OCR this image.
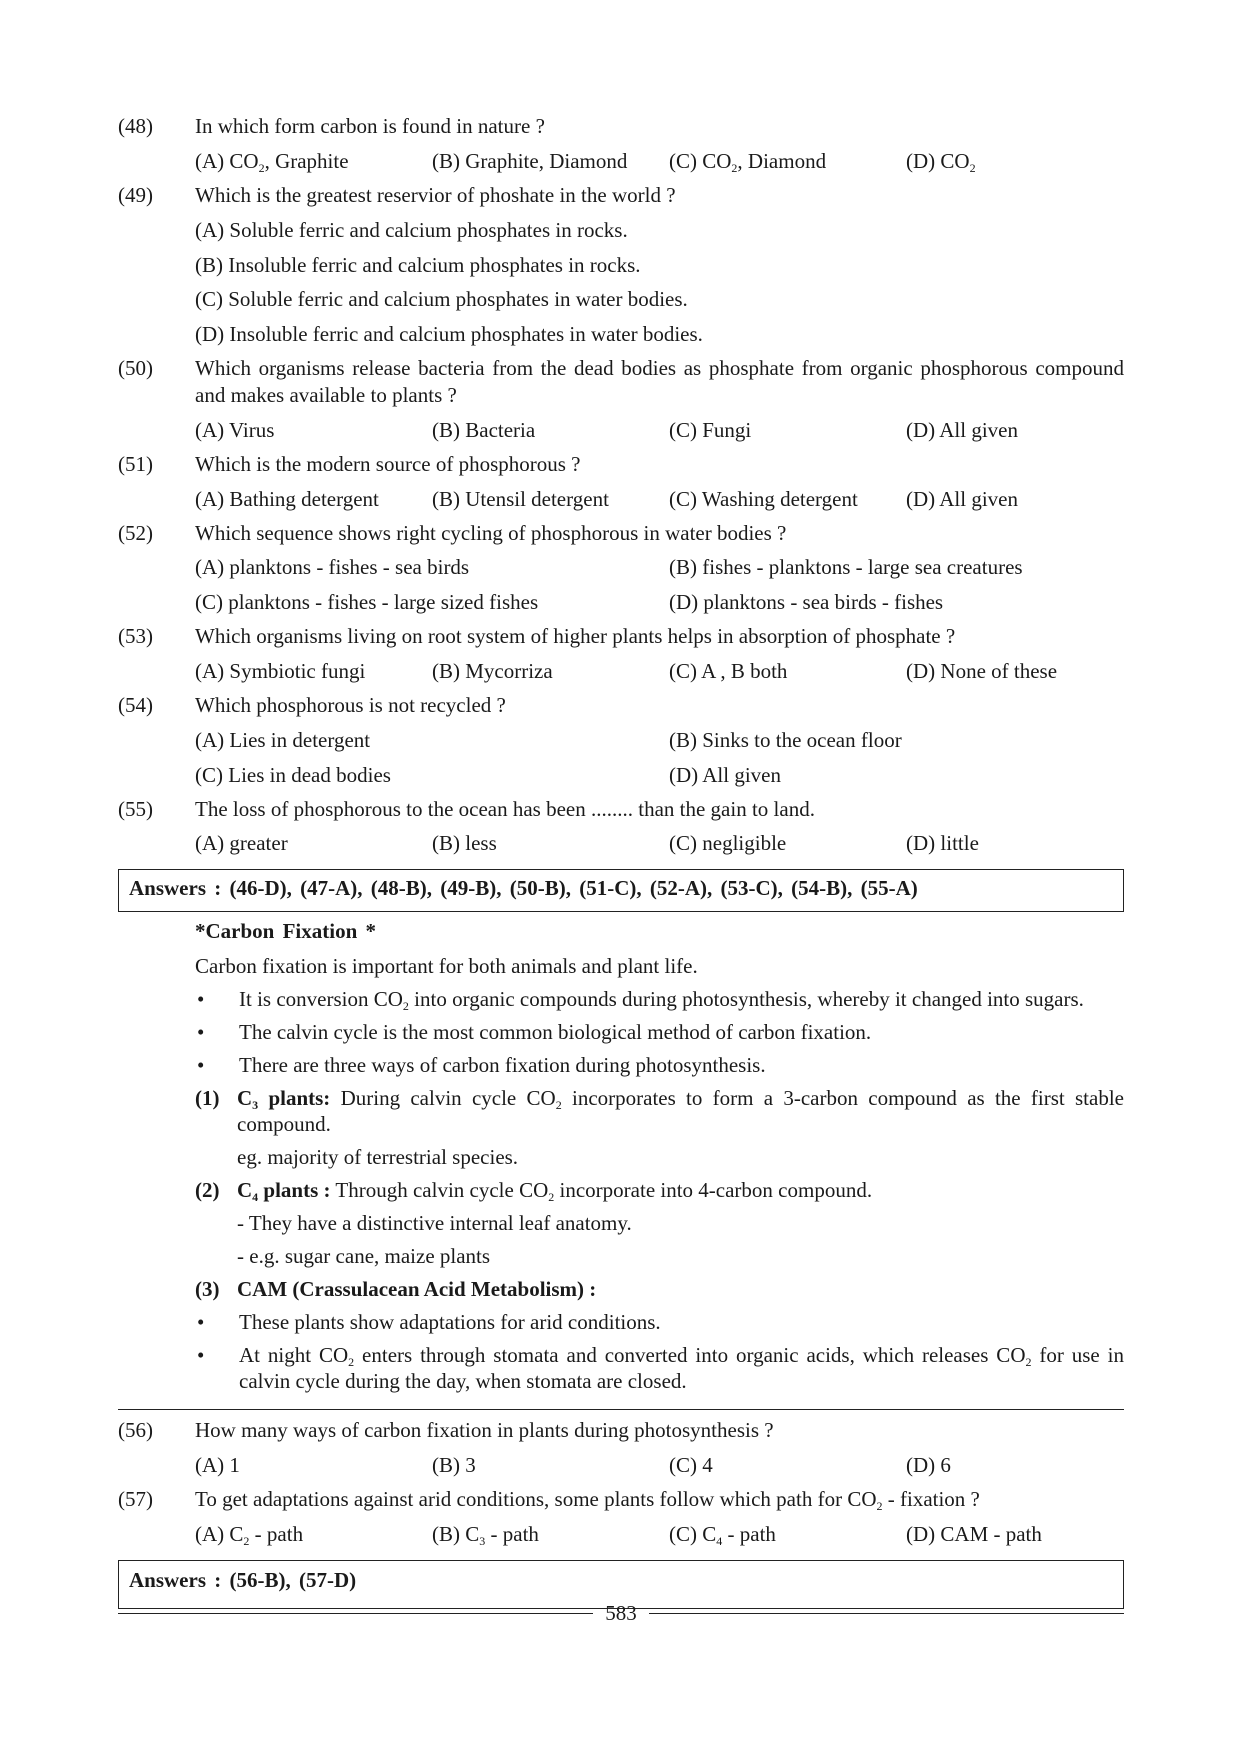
(48)	In which form carbon is found in nature ?
(A) $CO_2$, Graphite	(B) Graphite, Diamond	(C) $CO_2$, Diamond	(D) $CO_2$
(49)	Which is the greatest reservior of phoshate in the world ?
(A) Soluble ferric and calcium phosphates in rocks.
(B) Insoluble ferric and calcium phosphates in rocks.
(C) Soluble ferric and calcium phosphates in water bodies.
(D) Insoluble ferric and calcium phosphates in water bodies.
(50)	Which organisms release bacteria from the dead bodies as phosphate from organic phosphorous compound and makes available to plants ?
(A) Virus	(B) Bacteria	(C) Fungi	(D) All given
(51)	Which is the modern source of phosphorous ?
(A) Bathing detergent	(B) Utensil detergent	(C) Washing detergent	(D) All given
(52)	Which sequence shows right cycling of phosphorous in water bodies ?
(A) planktons - fishes - sea birds	(B) fishes - planktons - large sea creatures
(C) planktons - fishes - large sized fishes	(D) planktons - sea birds - fishes
(53)	Which organisms living on root system of higher plants helps in absorption of phosphate ?
(A) Symbiotic fungi	(B) Mycorriza	(C) A , B both	(D) None of these
(54)	Which phosphorous is not recycled ?
(A) Lies in detergent	(B) Sinks to the ocean floor
(C) Lies in dead bodies	(D) All given
(55)	The loss of phosphorous to the ocean has been ........ than the gain to land.
(A) greater	(B) less	(C) negligible	(D) little
Answers : (46-D), (47-A), (48-B), (49-B), (50-B), (51-C), (52-A), (53-C), (54-B), (55-A)
*Carbon Fixation *
Carbon fixation is important for both animals and plant life.
•	It is conversion $CO_2$ into organic compounds during photosynthesis, whereby it changed into sugars.
•	The calvin cycle is the most common biological method of carbon fixation.
•	There are three ways of carbon fixation during photosynthesis.
(1) $C_3$ plants: During calvin cycle $CO_2$ incorporates to form a 3-carbon compound as the first stable compound.
eg. majority of terrestrial species.
(2) $C_4$ plants : Through calvin cycle $CO_2$ incorporate into 4-carbon compound.
- They have a distinctive internal leaf anatomy.
- e.g. sugar cane, maize plants
(3) CAM (Crassulacean Acid Metabolism) :
•	These plants show adaptations for arid conditions.
•	At night $CO_2$ enters through stomata and converted into organic acids, which releases $CO_2$ for use in calvin cycle during the day, when stomata are closed.
(56)	How many ways of carbon fixation in plants during photosynthesis ?
(A) 1	(B) 3	(C) 4	(D) 6
(57)	To get adaptations against arid conditions, some plants follow which path for $CO_2$ - fixation ?
(A) $C_2$ - path	(B) $C_3$ - path	(C) $C_4$ - path	(D) CAM - path
Answers : (56-B), (57-D)
583
